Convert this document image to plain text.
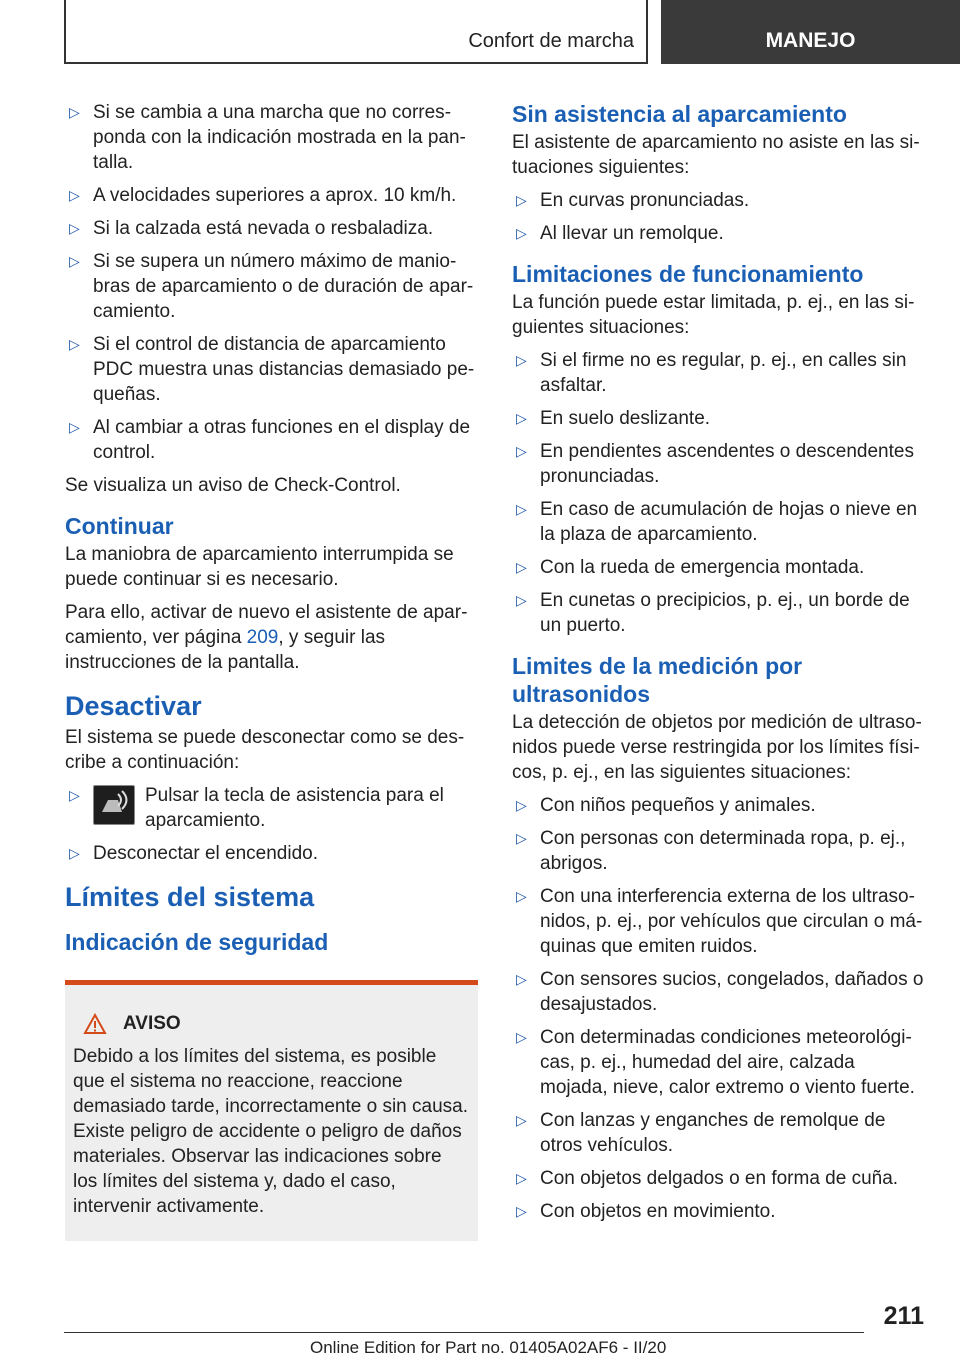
Confort de marcha	MANEJO
▷ Si se cambia a una marcha que no corresponda con la indicación mostrada en la pantalla.
▷ A velocidades superiores a aprox. 10 km/h.
▷ Si la calzada está nevada o resbaladiza.
▷ Si se supera un número máximo de maniobras de aparcamiento o de duración de aparcamiento.
▷ Si el control de distancia de aparcamiento PDC muestra unas distancias demasiado pequeñas.
▷ Al cambiar a otras funciones en el display de control.

Se visualiza un aviso de Check-Control.

Continuar

La maniobra de aparcamiento interrumpida se puede continuar si es necesario.

Para ello, activar de nuevo el asistente de aparcamiento, ver página 209, y seguir las instrucciones de la pantalla.

Desactivar

El sistema se puede desconectar como se describe a continuación:

▷	Pulsar la tecla de asistencia para el aparcamiento.
▷ Desconectar el encendido.
Límites del sistema
Indicación de seguridad
AVISO
Debido a los límites del sistema, es posible que el sistema no reaccione, reaccione demasiado tarde, incorrectamente o sin causa. Existe peligro de accidente o peligro de daños materiales. Observar las indicaciones sobre los límites del sistema y, dado el caso, intervenir activamente.
Sin asistencia al aparcamiento

El asistente de aparcamiento no asiste en las situaciones siguientes:

▷ En curvas pronunciadas.
▷ Al llevar un remolque.
Limitaciones de funcionamiento

La función puede estar limitada, p. ej., en las siguientes situaciones:

▷ Si el firme no es regular, p. ej., en calles sin asfaltar.
▷ En suelo deslizante.
▷ En pendientes ascendentes o descendentes pronunciadas.
▷ En caso de acumulación de hojas o nieve en la plaza de aparcamiento.
▷ Con la rueda de emergencia montada.
▷ En cunetas o precipicios, p. ej., un borde de un puerto.
Limites de la medición por ultrasonidos

La detección de objetos por medición de ultrasonidos puede verse restringida por los límites físicos, p. ej., en las siguientes situaciones:

▷ Con niños pequeños y animales.
▷ Con personas con determinada ropa, p. ej., abrigos.
▷ Con una interferencia externa de los ultrasonidos, p. ej., por vehículos que circulan o máquinas que emiten ruidos.
▷ Con sensores sucios, congelados, dañados o desajustados.
▷ Con determinadas condiciones meteorológicas, p. ej., humedad del aire, calzada mojada, nieve, calor extremo o viento fuerte.
▷ Con lanzas y enganches de remolque de otros vehículos.
▷ Con objetos delgados o en forma de cuña.
▷ Con objetos en movimiento.
211
Online Edition for Part no. 01405A02AF6 - II/20
